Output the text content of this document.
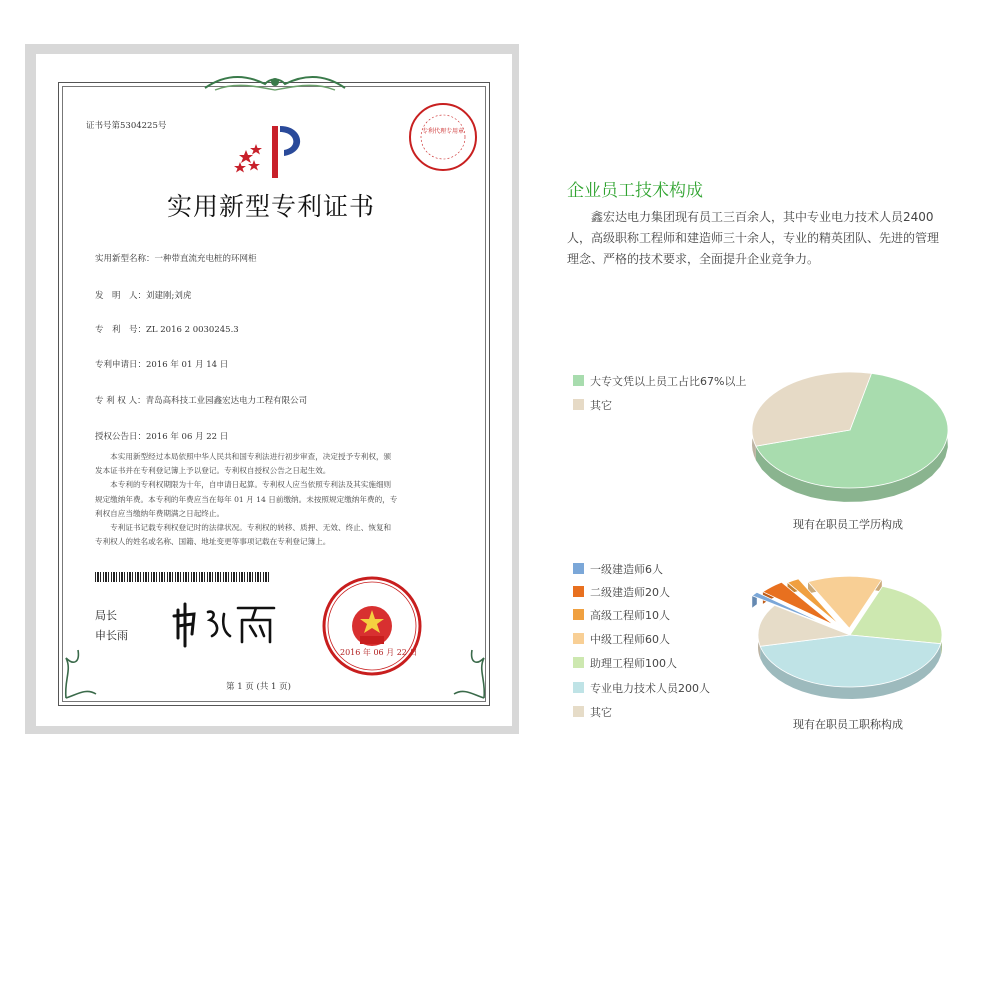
证书号第5304225号
专利代理专用章
实用新型专利证书
实用新型名称：一种带直流充电桩的环网柜
发　明　人：刘建刚;刘虎
专　利　号：ZL 2016 2 0030245.3
专利申请日：2016 年 01 月 14 日
专 利 权 人：青岛高科技工业园鑫宏达电力工程有限公司
授权公告日：2016 年 06 月 22 日
　　本实用新型经过本局依照中华人民共和国专利法进行初步审查，决定授予专利权，颁
发本证书并在专利登记簿上予以登记。专利权自授权公告之日起生效。
　　本专利的专利权期限为十年，自申请日起算。专利权人应当依照专利法及其实施细则
规定缴纳年费。本专利的年费应当在每年 01 月 14 日前缴纳。未按照规定缴纳年费的，专
利权自应当缴纳年费期满之日起终止。
　　专利证书记载专利权登记时的法律状况。专利权的转移、质押、无效、终止、恢复和
专利权人的姓名或名称、国籍、地址变更等事项记载在专利登记簿上。
局长
申长雨
2016 年 06 月 22 日
第 1 页 (共 1 页)
企业员工技术构成
鑫宏达电力集团现有员工三百余人，其中专业电力技术人员2400人，高级职称工程师和建造师三十余人，专业的精英团队、先进的管理理念、严格的技术要求，全面提升企业竞争力。
大专文凭以上员工占比67%以上
其它
现有在职员工学历构成
一级建造师6人
二级建造师20人
高级工程师10人
中级工程师60人
助理工程师100人
专业电力技术人员200人
其它
现有在职员工职称构成
